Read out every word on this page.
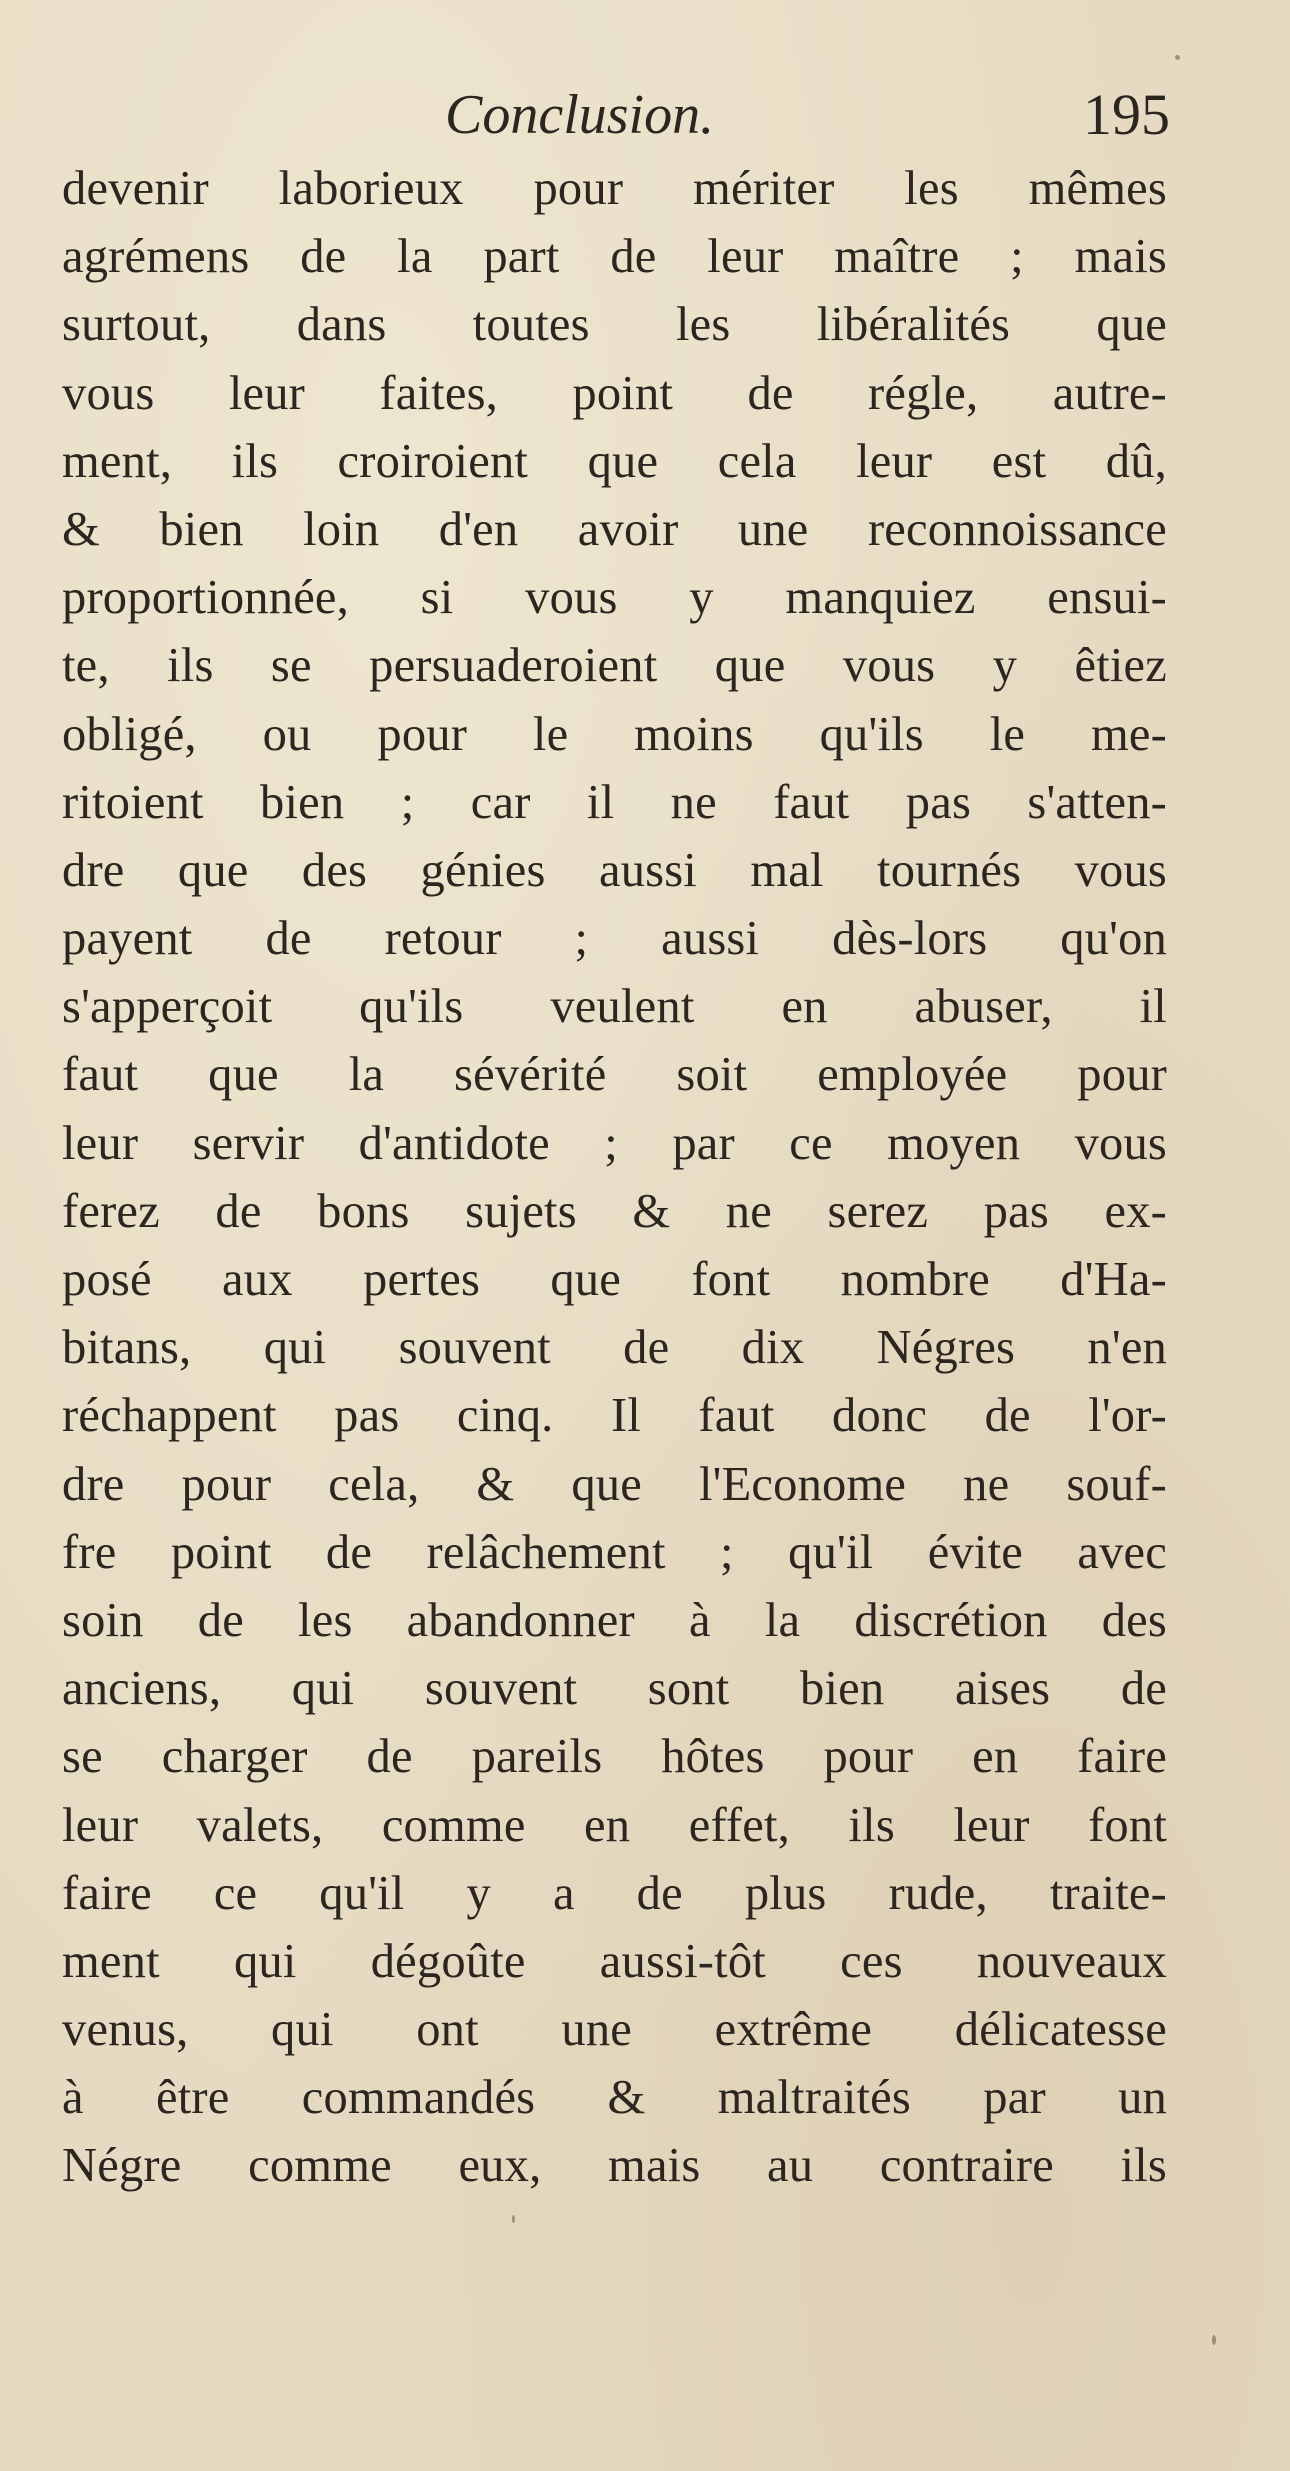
Conclusion.	195
devenir laborieux pour mériter les mêmes
agrémens de la part de leur maître ; mais
surtout, dans toutes les libéralités que
vous leur faites, point de régle, autre-
ment, ils croiroient que cela leur est dû,
& bien loin d'en avoir une reconnoissance
proportionnée, si vous y manquiez ensui-
te, ils se persuaderoient que vous y êtiez
obligé, ou pour le moins qu'ils le me-
ritoient bien ; car il ne faut pas s'atten-
dre que des génies aussi mal tournés vous
payent de retour ; aussi dès-lors qu'on
s'apperçoit qu'ils veulent en abuser, il
faut que la sévérité soit employée pour
leur servir d'antidote ; par ce moyen vous
ferez de bons sujets & ne serez pas ex-
posé aux pertes que font nombre d'Ha-
bitans, qui souvent de dix Négres n'en
réchappent pas cinq. Il faut donc de l'or-
dre pour cela, & que l'Econome ne souf-
fre point de relâchement ; qu'il évite avec
soin de les abandonner à la discrétion des
anciens, qui souvent sont bien aises de
se charger de pareils hôtes pour en faire
leur valets, comme en effet, ils leur font
faire ce qu'il y a de plus rude, traite-
ment qui dégoûte aussi-tôt ces nouveaux
venus, qui ont une extrême délicatesse
à être commandés & maltraités par un
Négre comme eux, mais au contraire ils
